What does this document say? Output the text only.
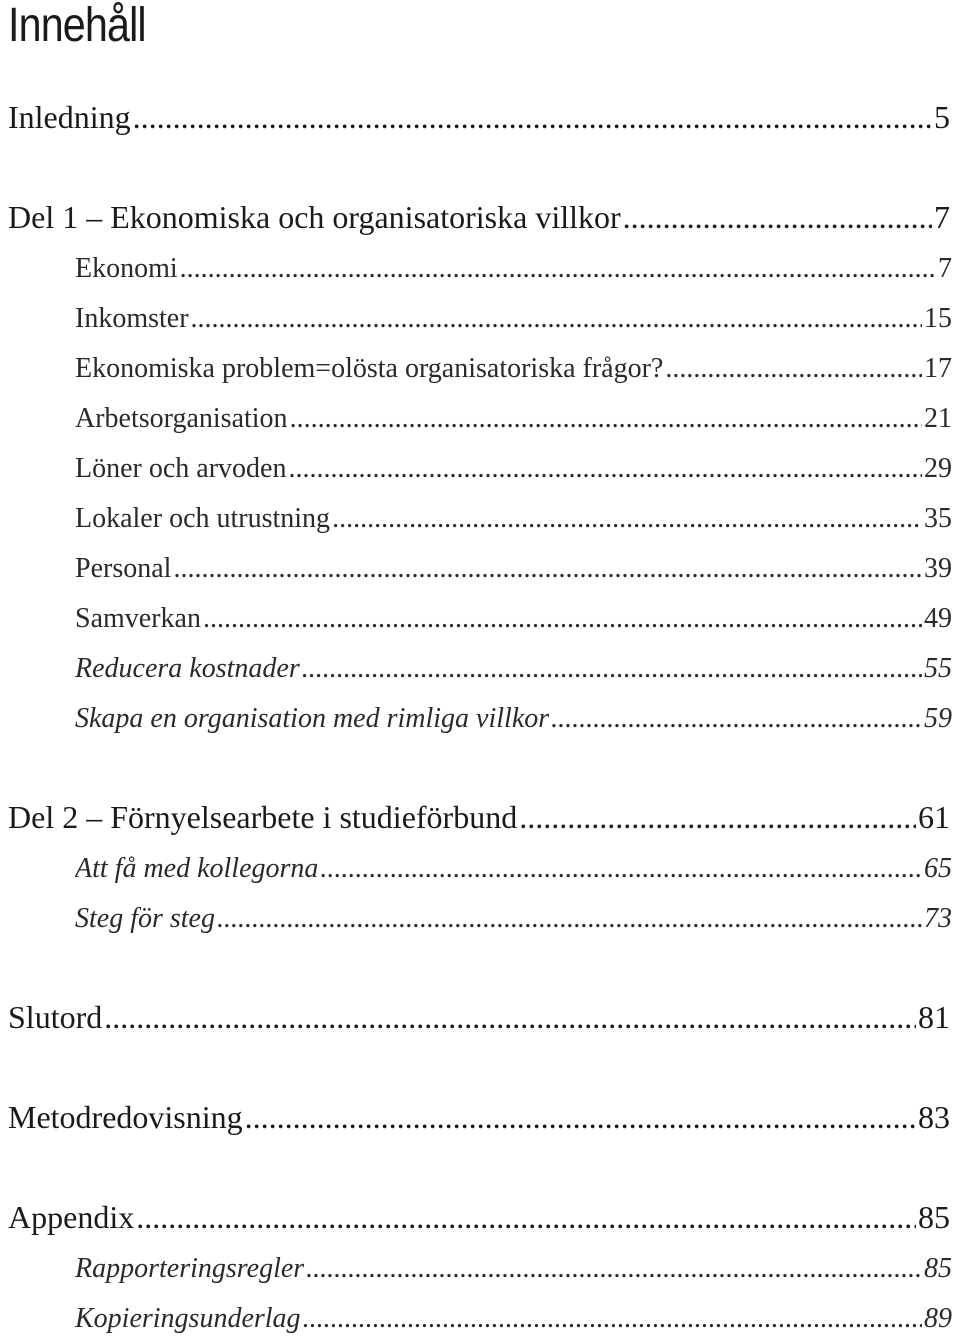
Innehåll
Inledning .....	5
Del 1 – Ekonomiska och organisatoriska villkor .....	7
Ekonomi .....	7
Inkomster .....	15
Ekonomiska problem=olösta organisatoriska frågor? .....	17
Arbetsorganisation .....	21
Löner och arvoden .....	29
Lokaler och utrustning .....	35
Personal .....	39
Samverkan .....	49
Reducera kostnader .....	55
Skapa en organisation med rimliga villkor .....	59
Del 2 – Förnyelsearbete i studieförbund .....	61
Att få med kollegorna .....	65
Steg för steg .....	73
Slutord .....	81
Metodredovisning .....	83
Appendix .....	85
Rapporteringsregler .....	85
Kopieringsunderlag .....	89
